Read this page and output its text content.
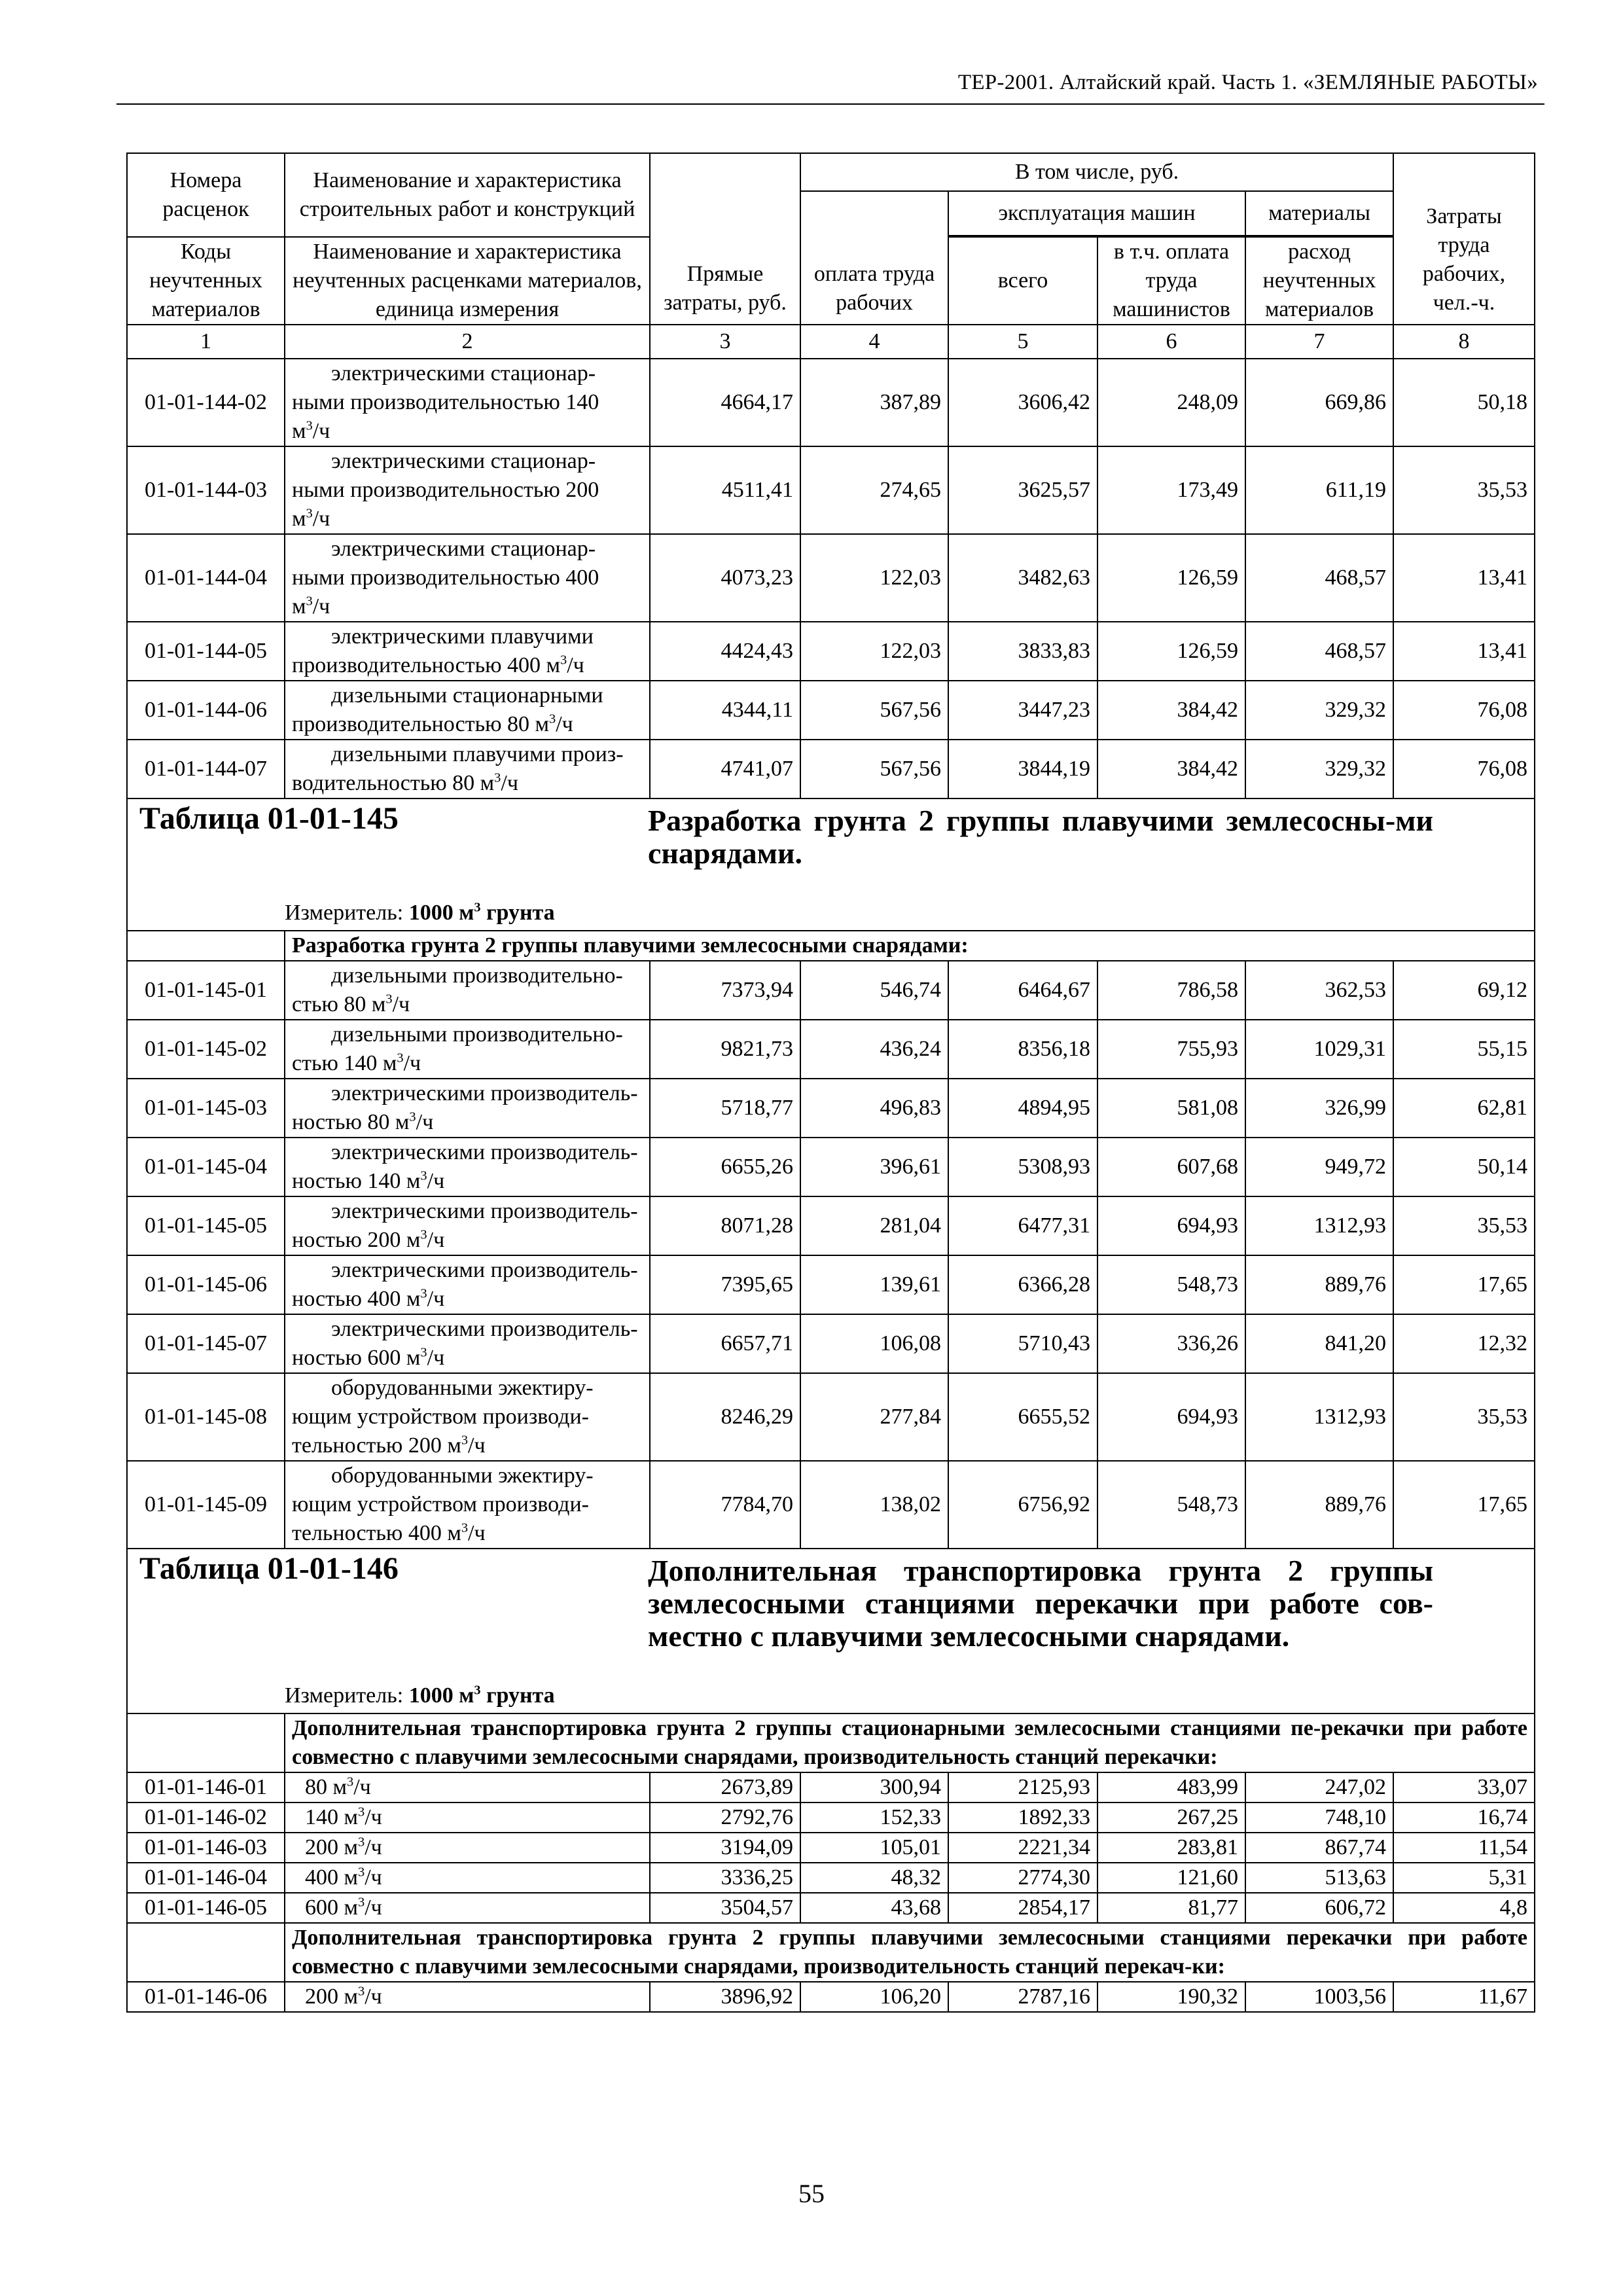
ТЕР-2001. Алтайский край. Часть 1. «ЗЕМЛЯНЫЕ РАБОТЫ»
Номера расценок	Наименование и характеристика строительных работ и конструкций	Прямые затраты, руб.	В том числе, руб.				Затраты труда рабочих, чел.-ч.
			оплата труда рабочих	эксплуатация машин		материалы	

Коды неучтенных материалов	Наименование и характеристика неучтенных расценками материалов, единица измерения			всего	в т.ч. оплата труда машинистов	расход неучтенных материалов	
1	2	3	4	5	6	7	8
01-01-144-02	электрическими стационар-
ными производительностью 140
$м^3/ч$	4664,17	387,89	3606,42	248,09	669,86	50,18
01-01-144-03	электрическими стационар-
ными производительностью 200
$м^3/ч$	4511,41	274,65	3625,57	173,49	611,19	35,53
01-01-144-04	электрическими стационар-
ными производительностью 400
$м^3/ч$	4073,23	122,03	3482,63	126,59	468,57	13,41
01-01-144-05	электрическими плавучими
производительностью 400 $м^3/ч$	4424,43	122,03	3833,83	126,59	468,57	13,41
01-01-144-06	дизельными стационарными
производительностью 80 $м^3/ч$	4344,11	567,56	3447,23	384,42	329,32	76,08
01-01-144-07	дизельными плавучими произ-
водительностью 80 $м^3/ч$	4741,07	567,56	3844,19	384,42	329,32	76,08

Таблица 01-01-145 Разработка грунта 2 группы плавучими землесосны-ми снарядами.
Измеритель: 1000 $м^3$ грунта							

	Разработка грунта 2 группы плавучими землесосными снарядами:						
01-01-145-01	дизельными производительно-
стью 80 $м^3/ч$	7373,94	546,74	6464,67	786,58	362,53	69,12
01-01-145-02	дизельными производительно-
стью 140 $м^3/ч$	9821,73	436,24	8356,18	755,93	1029,31	55,15
01-01-145-03	электрическими производитель-
ностью 80 $м^3/ч$	5718,77	496,83	4894,95	581,08	326,99	62,81
01-01-145-04	электрическими производитель-
ностью 140 $м^3/ч$	6655,26	396,61	5308,93	607,68	949,72	50,14
01-01-145-05	электрическими производитель-
ностью 200 $м^3/ч$	8071,28	281,04	6477,31	694,93	1312,93	35,53
01-01-145-06	электрическими производитель-
ностью 400 $м^3/ч$	7395,65	139,61	6366,28	548,73	889,76	17,65
01-01-145-07	электрическими производитель-
ностью 600 $м^3/ч$	6657,71	106,08	5710,43	336,26	841,20	12,32
01-01-145-08	оборудованными эжектиру-
ющим устройством производи-
тельностью 200 $м^3/ч$	8246,29	277,84	6655,52	694,93	1312,93	35,53
01-01-145-09	оборудованными эжектиру-
ющим устройством производи-
тельностью 400 $м^3/ч$	7784,70	138,02	6756,92	548,73	889,76	17,65

Таблица 01-01-146 Дополнительная транспортировка грунта 2 группы землесосными станциями перекачки при работе сов-местно с плавучими землесосными снарядами.
Измеритель: 1000 $м^3$ грунта							

	Дополнительная транспортировка грунта 2 группы стационарными землесосными станциями пе-рекачки при работе совместно с плавучими землесосными снарядами, производительность станций перекачки:						
01-01-146-01	80 $м^3/ч$	2673,89	300,94	2125,93	483,99	247,02	33,07
01-01-146-02	140 $м^3/ч$	2792,76	152,33	1892,33	267,25	748,10	16,74
01-01-146-03	200 $м^3/ч$	3194,09	105,01	2221,34	283,81	867,74	11,54
01-01-146-04	400 $м^3/ч$	3336,25	48,32	2774,30	121,60	513,63	5,31
01-01-146-05	600 $м^3/ч$	3504,57	43,68	2854,17	81,77	606,72	4,8
	Дополнительная транспортировка грунта 2 группы плавучими землесосными станциями перекачки при работе совместно с плавучими землесосными снарядами, производительность станций перекач-ки:						
01-01-146-06	200 $м^3/ч$	3896,92	106,20	2787,16	190,32	1003,56	11,67
55
